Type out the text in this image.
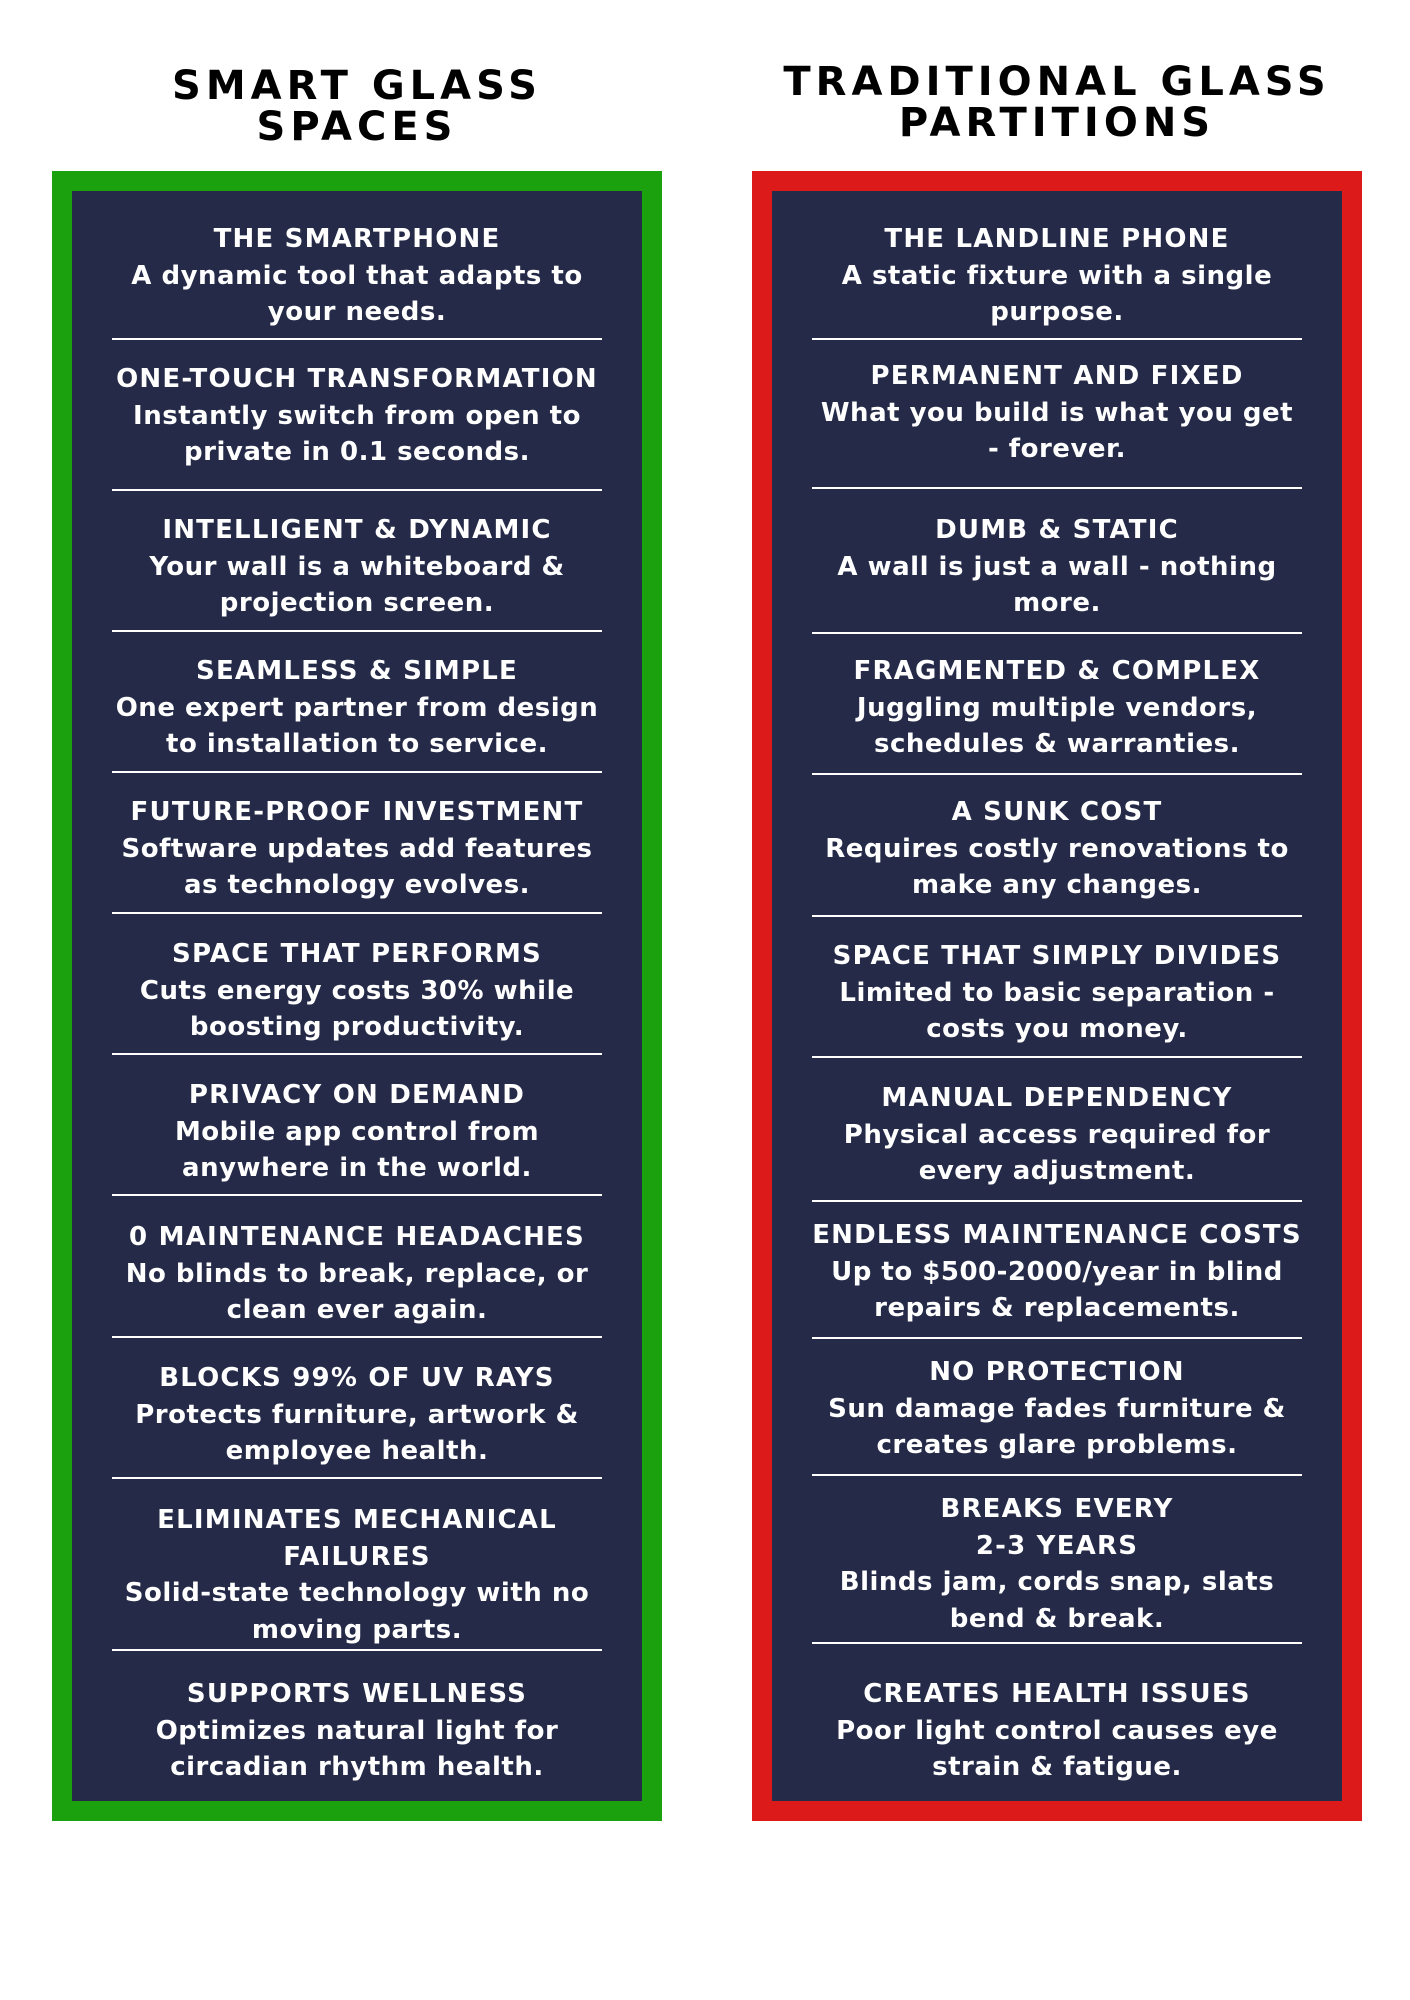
SMART GLASS
SPACES
TRADITIONAL GLASS
PARTITIONS
THE SMARTPHONE
A dynamic tool that adapts to
your needs.
ONE-TOUCH TRANSFORMATION
Instantly switch from open to
private in 0.1 seconds.
INTELLIGENT & DYNAMIC
Your wall is a whiteboard &
projection screen.
SEAMLESS & SIMPLE
One expert partner from design
to installation to service.
FUTURE-PROOF INVESTMENT
Software updates add features
as technology evolves.
SPACE THAT PERFORMS
Cuts energy costs 30% while
boosting productivity.
PRIVACY ON DEMAND
Mobile app control from
anywhere in the world.
0 MAINTENANCE HEADACHES
No blinds to break, replace, or
clean ever again.
BLOCKS 99% OF UV RAYS
Protects furniture, artwork &
employee health.
ELIMINATES MECHANICAL
FAILURES
Solid-state technology with no
moving parts.
SUPPORTS WELLNESS
Optimizes natural light for
circadian rhythm health.
THE LANDLINE PHONE
A static fixture with a single
purpose.
PERMANENT AND FIXED
What you build is what you get
- forever.
DUMB & STATIC
A wall is just a wall - nothing
more.
FRAGMENTED & COMPLEX
Juggling multiple vendors,
schedules & warranties.
A SUNK COST
Requires costly renovations to
make any changes.
SPACE THAT SIMPLY DIVIDES
Limited to basic separation -
costs you money.
MANUAL DEPENDENCY
Physical access required for
every adjustment.
ENDLESS MAINTENANCE COSTS
Up to $500-2000/year in blind
repairs & replacements.
NO PROTECTION
Sun damage fades furniture &
creates glare problems.
BREAKS EVERY
2-3 YEARS
Blinds jam, cords snap, slats
bend & break.
CREATES HEALTH ISSUES
Poor light control causes eye
strain & fatigue.
